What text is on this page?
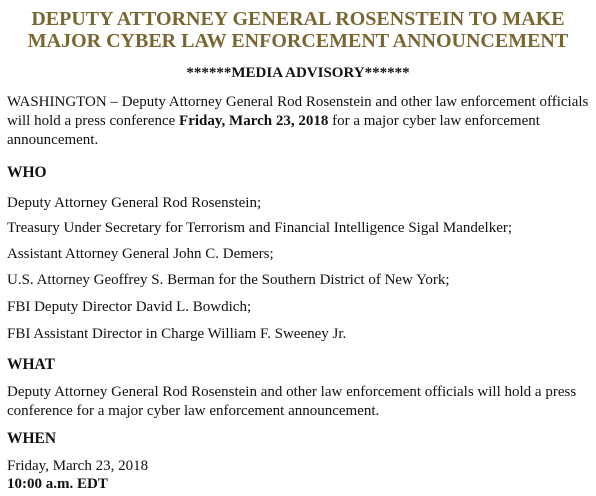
DEPUTY ATTORNEY GENERAL ROSENSTEIN TO MAKE
MAJOR CYBER LAW ENFORCEMENT ANNOUNCEMENT
******MEDIA ADVISORY******
WASHINGTON – Deputy Attorney General Rod Rosenstein and other law enforcement officials will hold a press conference Friday, March 23, 2018 for a major cyber law enforcement announcement.
WHO
Deputy Attorney General Rod Rosenstein;
Treasury Under Secretary for Terrorism and Financial Intelligence Sigal Mandelker;
Assistant Attorney General John C. Demers;
U.S. Attorney Geoffrey S. Berman for the Southern District of New York;
FBI Deputy Director David L. Bowdich;
FBI Assistant Director in Charge William F. Sweeney Jr.
WHAT
Deputy Attorney General Rod Rosenstein and other law enforcement officials will hold a press conference for a major cyber law enforcement announcement.
WHEN
Friday, March 23, 2018
10:00 a.m. EDT
